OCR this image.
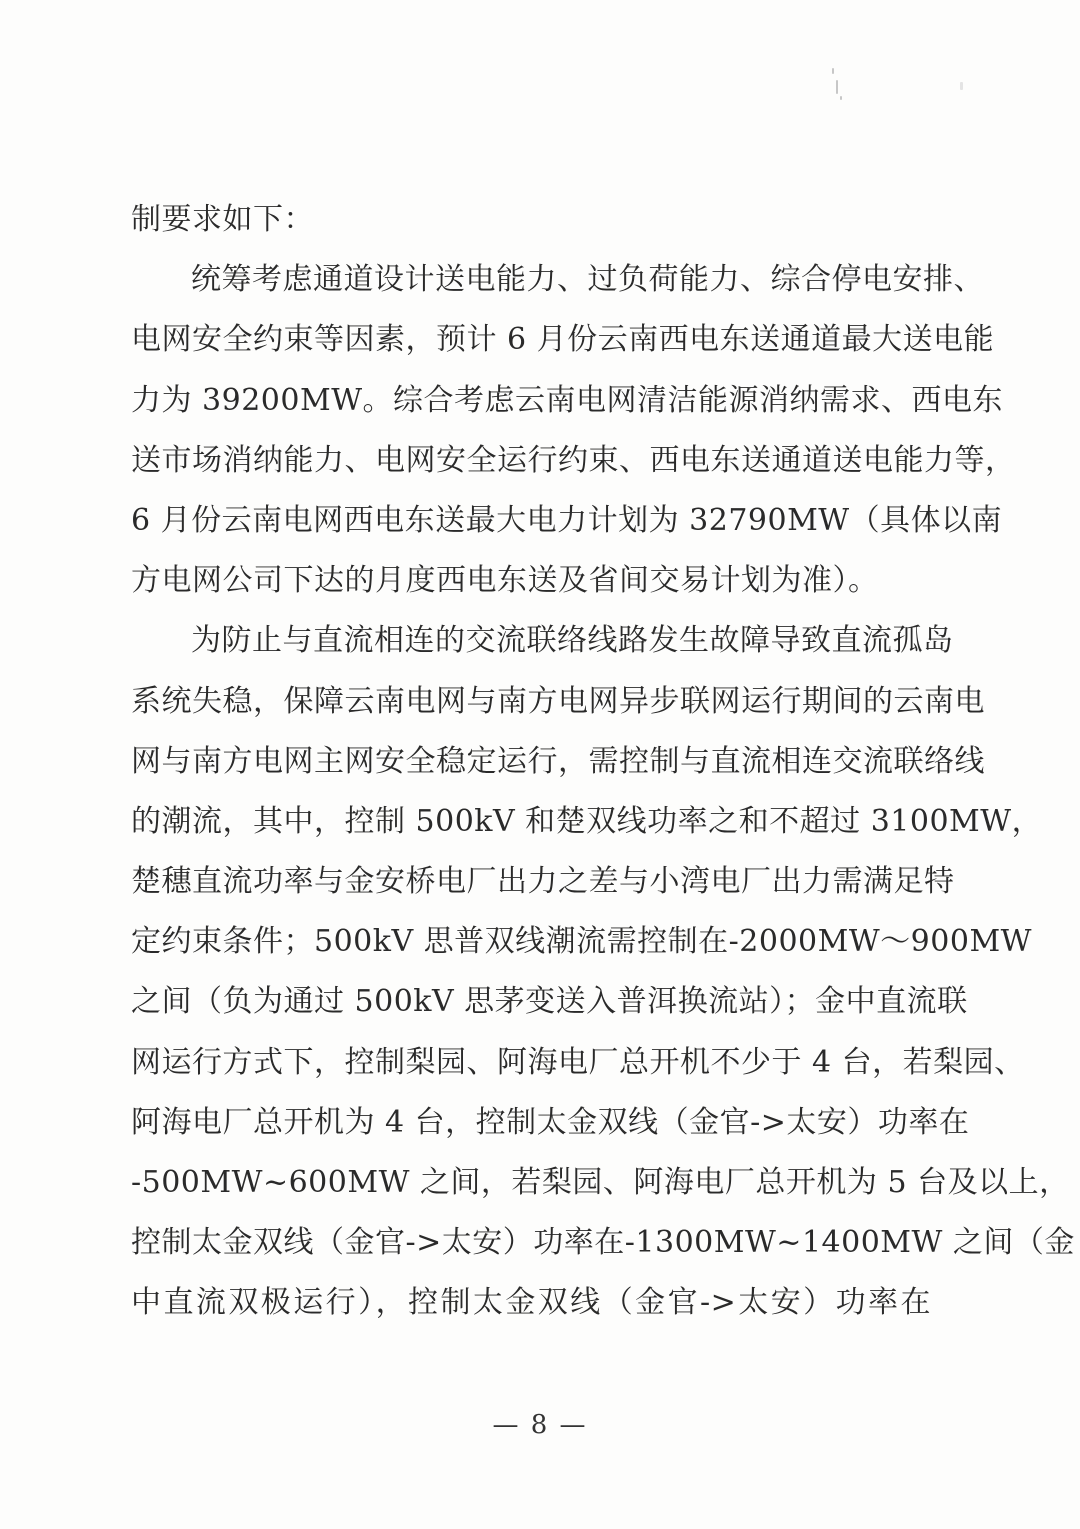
制要求如下：
统筹考虑通道设计送电能力、过负荷能力、综合停电安排、
电网安全约束等因素，预计 6 月份云南西电东送通道最大送电能
力为 39200MW。综合考虑云南电网清洁能源消纳需求、西电东
送市场消纳能力、电网安全运行约束、西电东送通道送电能力等，
6 月份云南电网西电东送最大电力计划为 32790MW（具体以南
方电网公司下达的月度西电东送及省间交易计划为准）。
为防止与直流相连的交流联络线路发生故障导致直流孤岛
系统失稳，保障云南电网与南方电网异步联网运行期间的云南电
网与南方电网主网安全稳定运行，需控制与直流相连交流联络线
的潮流，其中，控制 500kV 和楚双线功率之和不超过 3100MW，
楚穗直流功率与金安桥电厂出力之差与小湾电厂出力需满足特
定约束条件；500kV 思普双线潮流需控制在-2000MW～900MW
之间（负为通过 500kV 思茅变送入普洱换流站）；金中直流联
网运行方式下，控制梨园、阿海电厂总开机不少于 4 台，若梨园、
阿海电厂总开机为 4 台，控制太金双线（金官->太安）功率在
-500MW~600MW 之间，若梨园、阿海电厂总开机为 5 台及以上，
控制太金双线（金官->太安）功率在-1300MW~1400MW 之间（金
中直流双极运行），控制太金双线（金官->太安）功率在
— 8 —
